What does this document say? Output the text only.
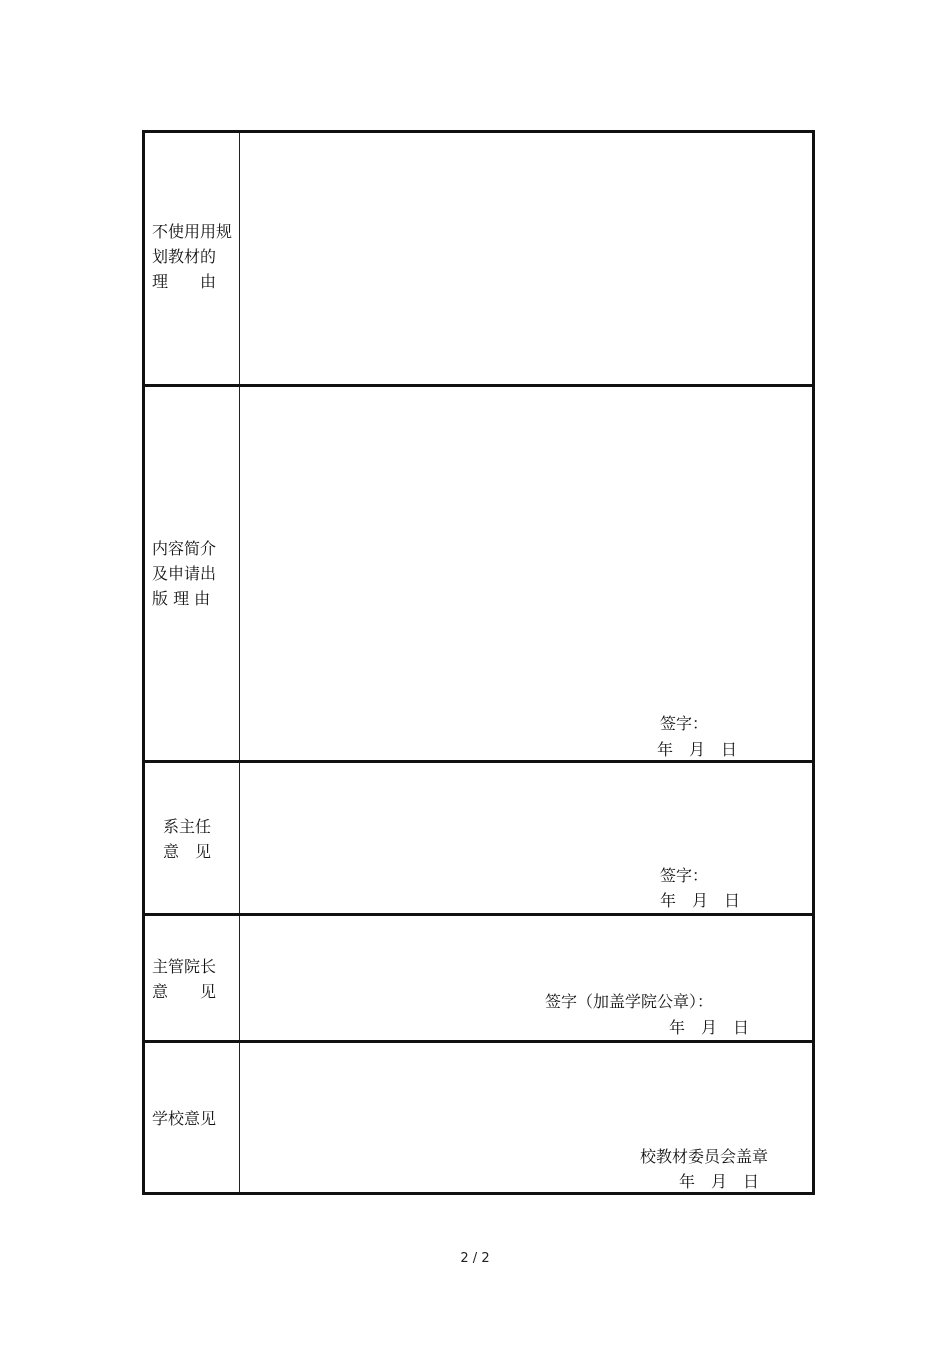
不使用用规
划教材的
理　　由
内容简介
及申请出
版 理 由
签字：
年　月　日
系主任
意　见
签字：
年　月　日
主管院长
意　　见
签字（加盖学院公章）：
年　月　日
学校意见
校教材委员会盖章
年　月　日
2 / 2
